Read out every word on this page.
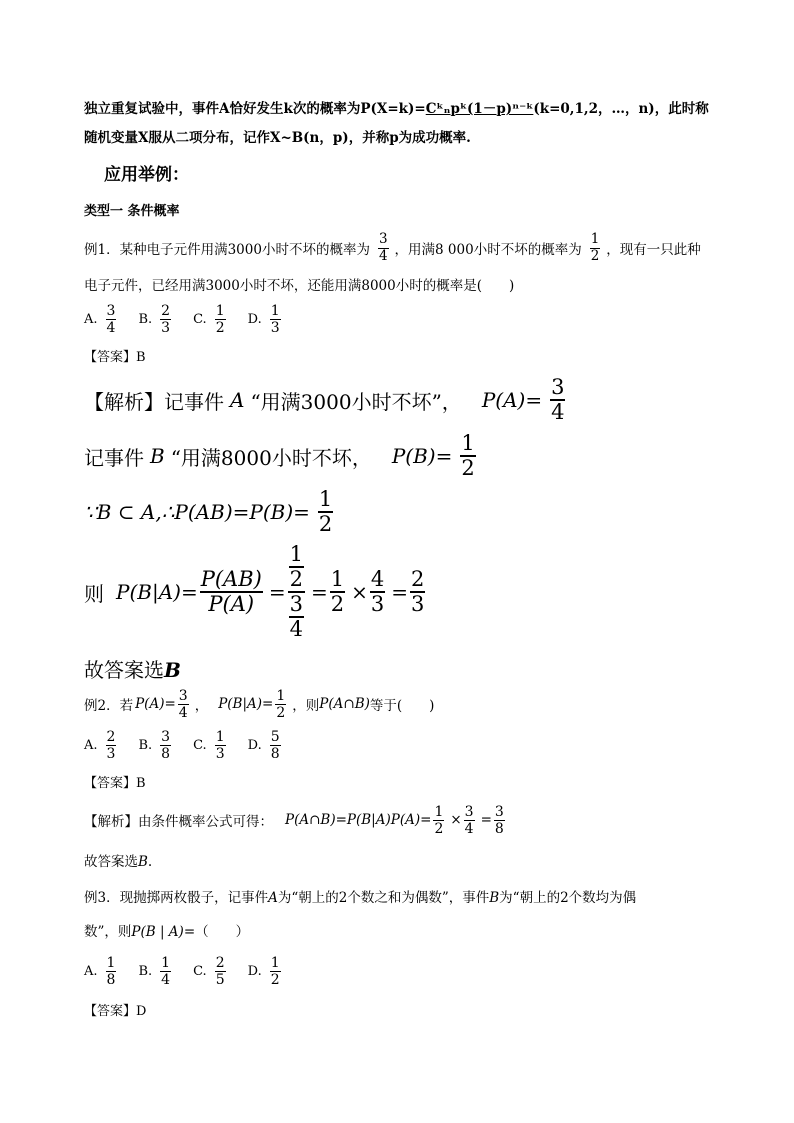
独立重复试验中，事件A恰好发生k次的概率为P(X=k)=Cᵏₙpᵏ(1－p)ⁿ⁻ᵏ(k=0,1,2，…，n)，此时称
随机变量X服从二项分布，记作X~B(n，p)，并称p为成功概率.
应用举例：
类型一 条件概率
例1．某种电子元件用满3000小时不坏的概率为 $\frac{3}{4}$ ，用满8 000小时不坏的概率为 $\frac{1}{2}$ ，现有一只此种
电子元件，已经用满3000小时不坏，还能用满8000小时的概率是(　　)
A. $\frac{3}{4} B$. $\frac{2}{3} C$. $\frac{1}{2} D$. $\frac{1}{3}$
【答案】B
【解析】记事件 A “用满3000小时不坏”， $P(A)= \frac{3}{4}$
记事件 B “用满8000小时不坏， $P(B)= \frac{1}{2}$
∵B ⊂ A,∴P(AB)=P(B)= $\frac{1}{2}$
则 $P(B|A)= \frac{P(AB)}{P(A)} = \frac{\frac{1}{2}}{\frac{3}{4}} = \frac{1}{2} \times \frac{4}{3} = \frac{2}{3}$
故答案选B
例2．若 $P(A)= \frac{3}{4}$ ， $P(B|A)= \frac{1}{2}$ ，则 P(A∩B) 等于(　　)
A. $\frac{2}{3} B$. $\frac{3}{8} C$. $\frac{1}{3} D$. $\frac{5}{8}$
【答案】B
【解析】由条件概率公式可得： P(A∩B)=P(B|A)P(A)= $\frac{1}{2} \times \frac{3}{4} = \frac{3}{8}$
故答案选B.
例3．现抛掷两枚骰子，记事件A为“朝上的2个数之和为偶数”，事件B为“朝上的2个数均为偶
数”，则P(B | A)=（　　）
A. $\frac{1}{8} B$. $\frac{1}{4} C$. $\frac{2}{5} D$. $\frac{1}{2}$
【答案】D
